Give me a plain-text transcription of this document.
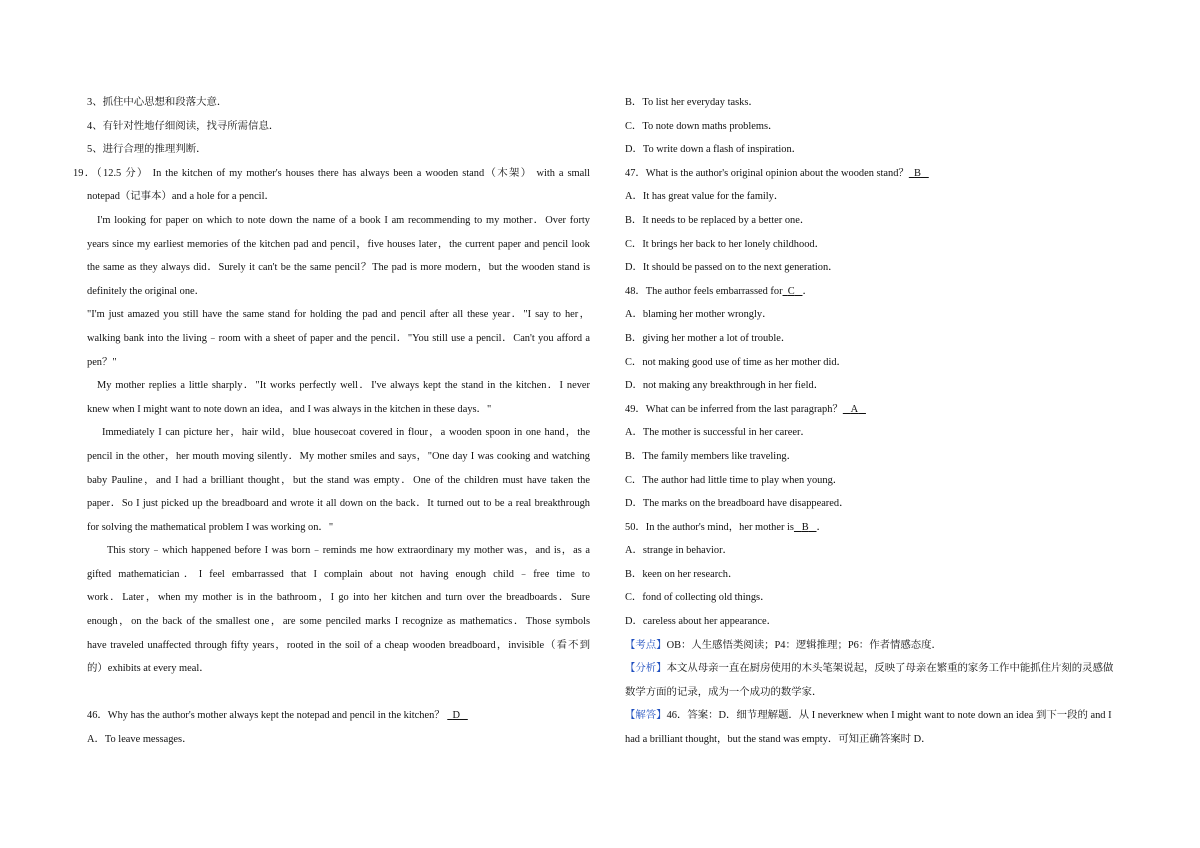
3、抓住中心思想和段落大意．
4、有针对性地仔细阅读，找寻所需信息．
5、进行合理的推理判断．
19．（12.5 分） In the kitchen of my mother's houses there has always been a wooden stand（木架） with a small
notepad（记事本）and a hole for a pencil．
I'm looking for paper on which to note down the name of a book I am recommending to my mother．Over forty
years since my earliest memories of the kitchen pad and pencil，five houses later，the current paper and pencil look
the same as they always did．Surely it can't be the same pencil？The pad is more modern，but the wooden stand is
definitely the original one．
"I'm just amazed you still have the same stand for holding the pad and pencil after all these year．"I say to her，
walking bank into the living﹣room with a sheet of paper and the pencil．"You still use a pencil．Can't you afford a
pen？"
My mother replies a little sharply．"It works perfectly well．I've always kept the stand in the kitchen．I never
knew when I might want to note down an idea，and I was always in the kitchen in these days．"
Immediately I can picture her，hair wild，blue housecoat covered in flour，a wooden spoon in one hand，the
pencil in the other，her mouth moving silently．My mother smiles and says，"One day I was cooking and watching
baby Pauline，and I had a brilliant thought，but the stand was empty．One of the children must have taken the
paper．So I just picked up the breadboard and wrote it all down on the back．It turned out to be a real breakthrough
for solving the mathematical problem I was working on．"
This story﹣which happened before I was born﹣reminds me how extraordinary my mother was，and is，as a
gifted mathematician．I feel embarrassed that I complain about not having enough child﹣free time to
work．Later，when my mother is in the bathroom，I go into her kitchen and turn over the breadboards．Sure
enough，on the back of the smallest one，are some penciled marks I recognize as mathematics．Those symbols
have traveled unaffected through fifty years，rooted in the soil of a cheap wooden breadboard，invisible（看不到
的）exhibits at every meal．
46．Why has the author's mother always kept the notepad and pencil in the kitchen？ D
A．To leave messages．
B．To list her everyday tasks．
C．To note down maths problems．
D．To write down a flash of inspiration．
47．What is the author's original opinion about the wooden stand？ B
A．It has great value for the family．
B．It needs to be replaced by a better one．
C．It brings her back to her lonely childhood．
D．It should be passed on to the next generation．
48．The author feels embarrassed for C ．
A．blaming her mother wrongly．
B．giving her mother a lot of trouble．
C．not making good use of time as her mother did．
D．not making any breakthrough in her field．
49．What can be inferred from the last paragraph？ A
A．The mother is successful in her career．
B．The family members like traveling．
C．The author had little time to play when young．
D．The marks on the breadboard have disappeared．
50．In the author's mind，her mother is B ．
A．strange in behavior．
B．keen on her research．
C．fond of collecting old things．
D．careless about her appearance．
【考点】OB：人生感悟类阅读；P4：逻辑推理；P6：作者情感态度．
【分析】本文从母亲一直在厨房使用的木头笔架说起，反映了母亲在繁重的家务工作中能抓住片刻的灵感做
数学方面的记录，成为一个成功的数学家．
【解答】46．答案：D．细节理解题．从 I neverknew when I might want to note down an idea 到下一段的 and I
had a brilliant thought，but the stand was empty．可知正确答案时 D．
